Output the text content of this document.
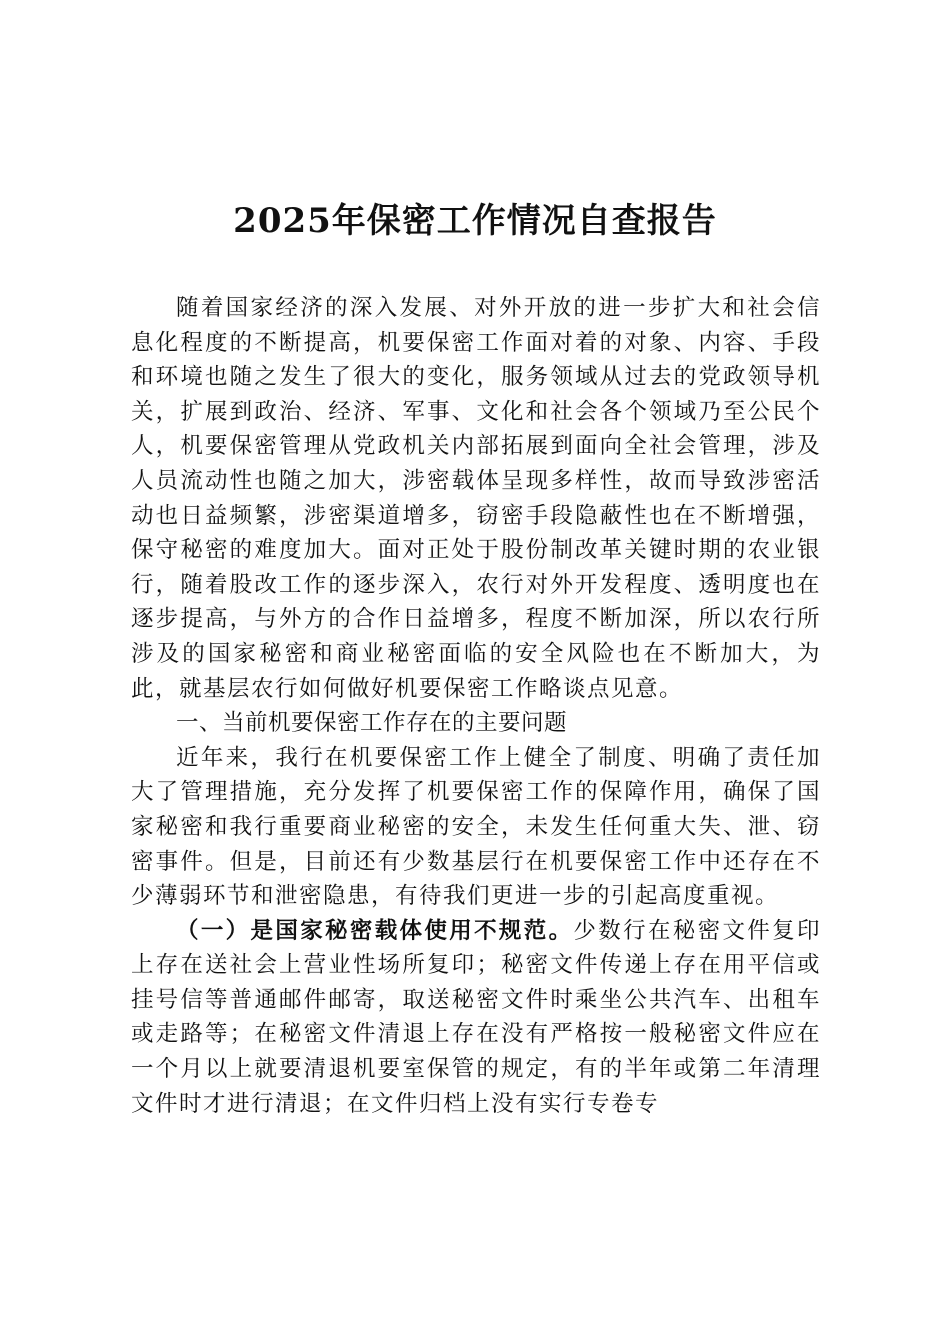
2025年保密工作情况自查报告

随着国家经济的深入发展、对外开放的进一步扩大和社会信息化程度的不断提高，机要保密工作面对着的对象、内容、手段和环境也随之发生了很大的变化，服务领域从过去的党政领导机关，扩展到政治、经济、军事、文化和社会各个领域乃至公民个人，机要保密管理从党政机关内部拓展到面向全社会管理，涉及人员流动性也随之加大，涉密载体呈现多样性，故而导致涉密活动也日益频繁，涉密渠道增多，窃密手段隐蔽性也在不断增强，保守秘密的难度加大。面对正处于股份制改革关键时期的农业银行，随着股改工作的逐步深入，农行对外开发程度、透明度也在逐步提高，与外方的合作日益增多，程度不断加深，所以农行所涉及的国家秘密和商业秘密面临的安全风险也在不断加大，为此，就基层农行如何做好机要保密工作略谈点见意。

一、当前机要保密工作存在的主要问题

近年来，我行在机要保密工作上健全了制度、明确了责任加大了管理措施，充分发挥了机要保密工作的保障作用，确保了国家秘密和我行重要商业秘密的安全，未发生任何重大失、泄、窃密事件。但是，目前还有少数基层行在机要保密工作中还存在不少薄弱环节和泄密隐患，有待我们更进一步的引起高度重视。

（一）是国家秘密载体使用不规范。少数行在秘密文件复印上存在送社会上营业性场所复印；秘密文件传递上存在用平信或挂号信等普通邮件邮寄，取送秘密文件时乘坐公共汽车、出租车或走路等；在秘密文件清退上存在没有严格按一般秘密文件应在一个月以上就要清退机要室保管的规定，有的半年或第二年清理文件时才进行清退；在文件归档上没有实行专卷专
